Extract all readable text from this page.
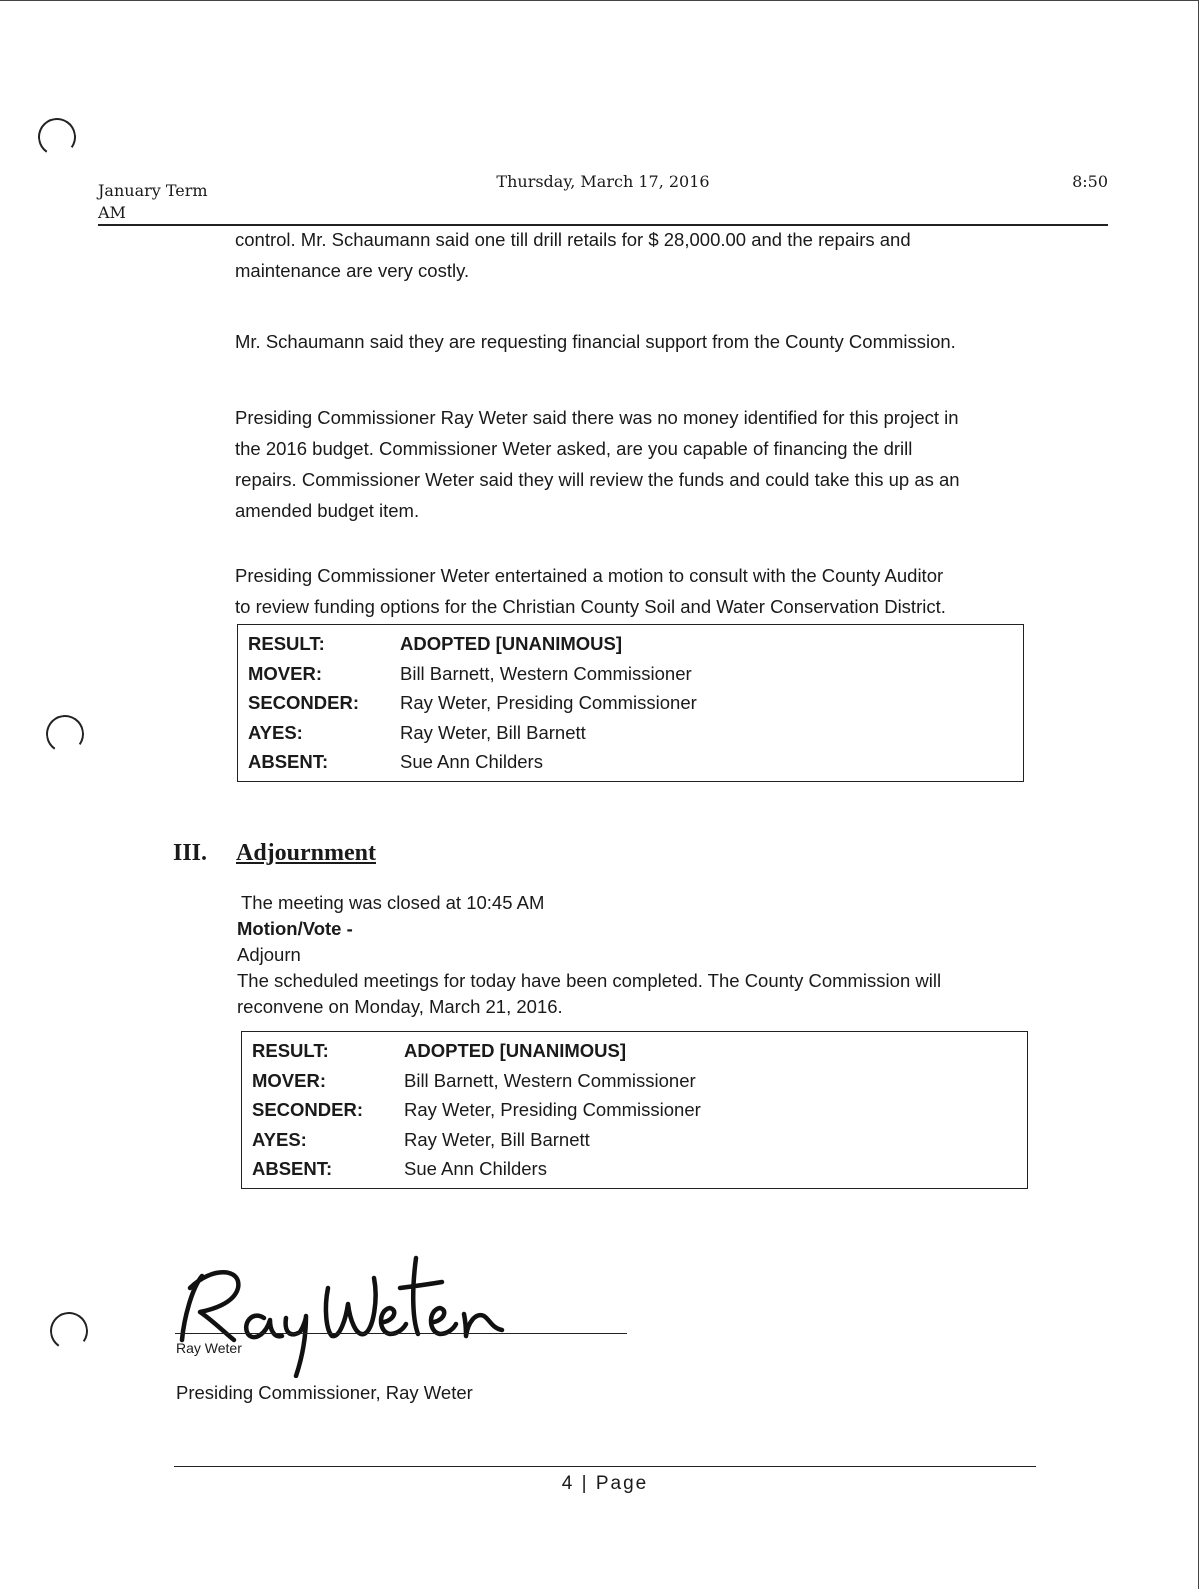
January Term
AM
Thursday, March 17, 2016	8:50
control. Mr. Schaumann said one till drill retails for $ 28,000.00 and the repairs and
maintenance are very costly.
Mr. Schaumann said they are requesting financial support from the County Commission.
Presiding Commissioner Ray Weter said there was no money identified for this project in
the 2016 budget. Commissioner Weter asked, are you capable of financing the drill
repairs. Commissioner Weter said they will review the funds and could take this up as an
amended budget item.
Presiding Commissioner Weter entertained a motion to consult with the County Auditor
to review funding options for the Christian County Soil and Water Conservation District.
RESULT:	ADOPTED [UNANIMOUS]
MOVER:	Bill Barnett, Western Commissioner
SECONDER:	Ray Weter, Presiding Commissioner
AYES:	Ray Weter, Bill Barnett
ABSENT:	Sue Ann Childers
III. Adjournment
The meeting was closed at 10:45 AM
Motion/Vote -
Adjourn
The scheduled meetings for today have been completed. The County Commission will
reconvene on Monday, March 21, 2016.
RESULT:	ADOPTED [UNANIMOUS]
MOVER:	Bill Barnett, Western Commissioner
SECONDER:	Ray Weter, Presiding Commissioner
AYES:	Ray Weter, Bill Barnett
ABSENT:	Sue Ann Childers
Ray Weter
Presiding Commissioner, Ray Weter
4 | Page
